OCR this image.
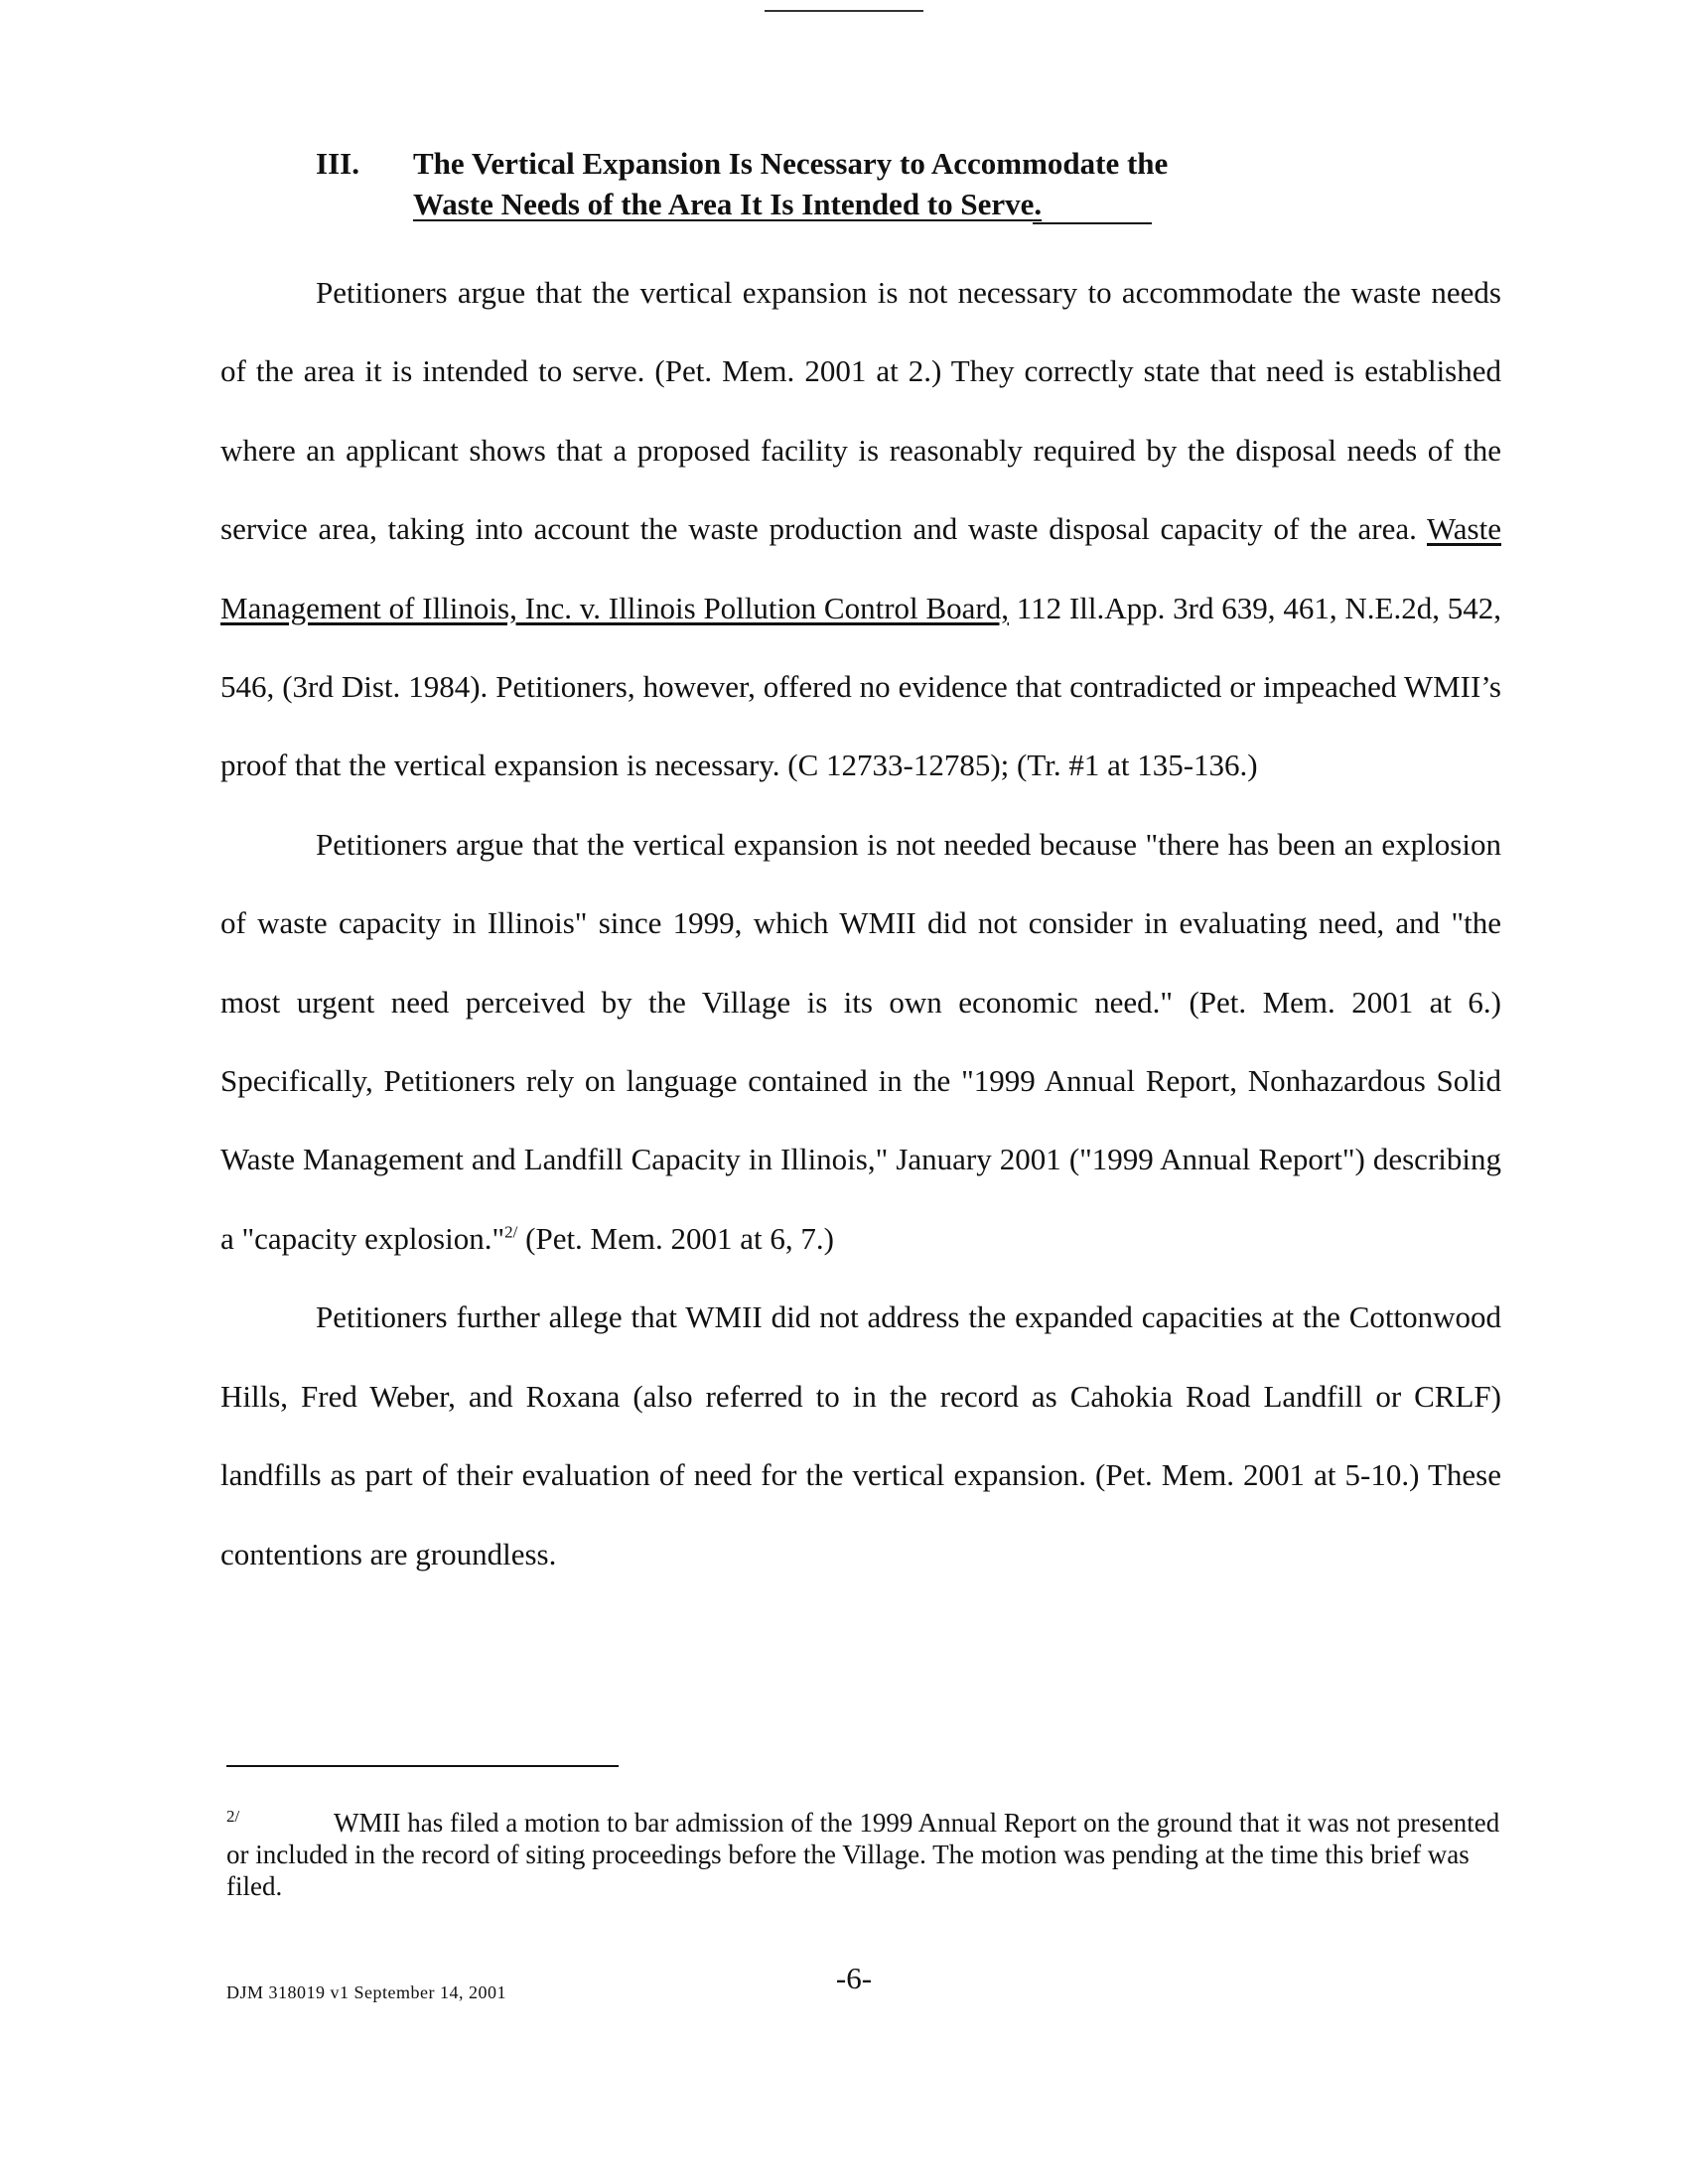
III. The Vertical Expansion Is Necessary to Accommodate the
Waste Needs of the Area It Is Intended to Serve.

Petitioners argue that the vertical expansion is not necessary to accommodate the waste needs of the area it is intended to serve. (Pet. Mem. 2001 at 2.) They correctly state that need is established where an applicant shows that a proposed facility is reasonably required by the disposal needs of the service area, taking into account the waste production and waste disposal capacity of the area. Waste Management of Illinois, Inc. v. Illinois Pollution Control Board, 112 Ill.App. 3rd 639, 461, N.E.2d, 542, 546, (3rd Dist. 1984). Petitioners, however, offered no evidence that contradicted or impeached WMII’s proof that the vertical expansion is necessary. (C 12733-12785); (Tr. #1 at 135-136.)

Petitioners argue that the vertical expansion is not needed because "there has been an explosion of waste capacity in Illinois" since 1999, which WMII did not consider in evaluating need, and "the most urgent need perceived by the Village is its own economic need." (Pet. Mem. 2001 at 6.) Specifically, Petitioners rely on language contained in the "1999 Annual Report, Nonhazardous Solid Waste Management and Landfill Capacity in Illinois," January 2001 ("1999 Annual Report") describing a "capacity explosion."$^{2/}$ (Pet. Mem. 2001 at 6, 7.)

Petitioners further allege that WMII did not address the expanded capacities at the Cottonwood Hills, Fred Weber, and Roxana (also referred to in the record as Cahokia Road Landfill or CRLF) landfills as part of their evaluation of need for the vertical expansion. (Pet. Mem. 2001 at 5-10.) These contentions are groundless.

2/	WMII has filed a motion to bar admission of the 1999 Annual Report on the ground that it was not presented or included in the record of siting proceedings before the Village. The motion was pending at the time this brief was filed.

-6-
DJM 318019 v1 September 14, 2001
